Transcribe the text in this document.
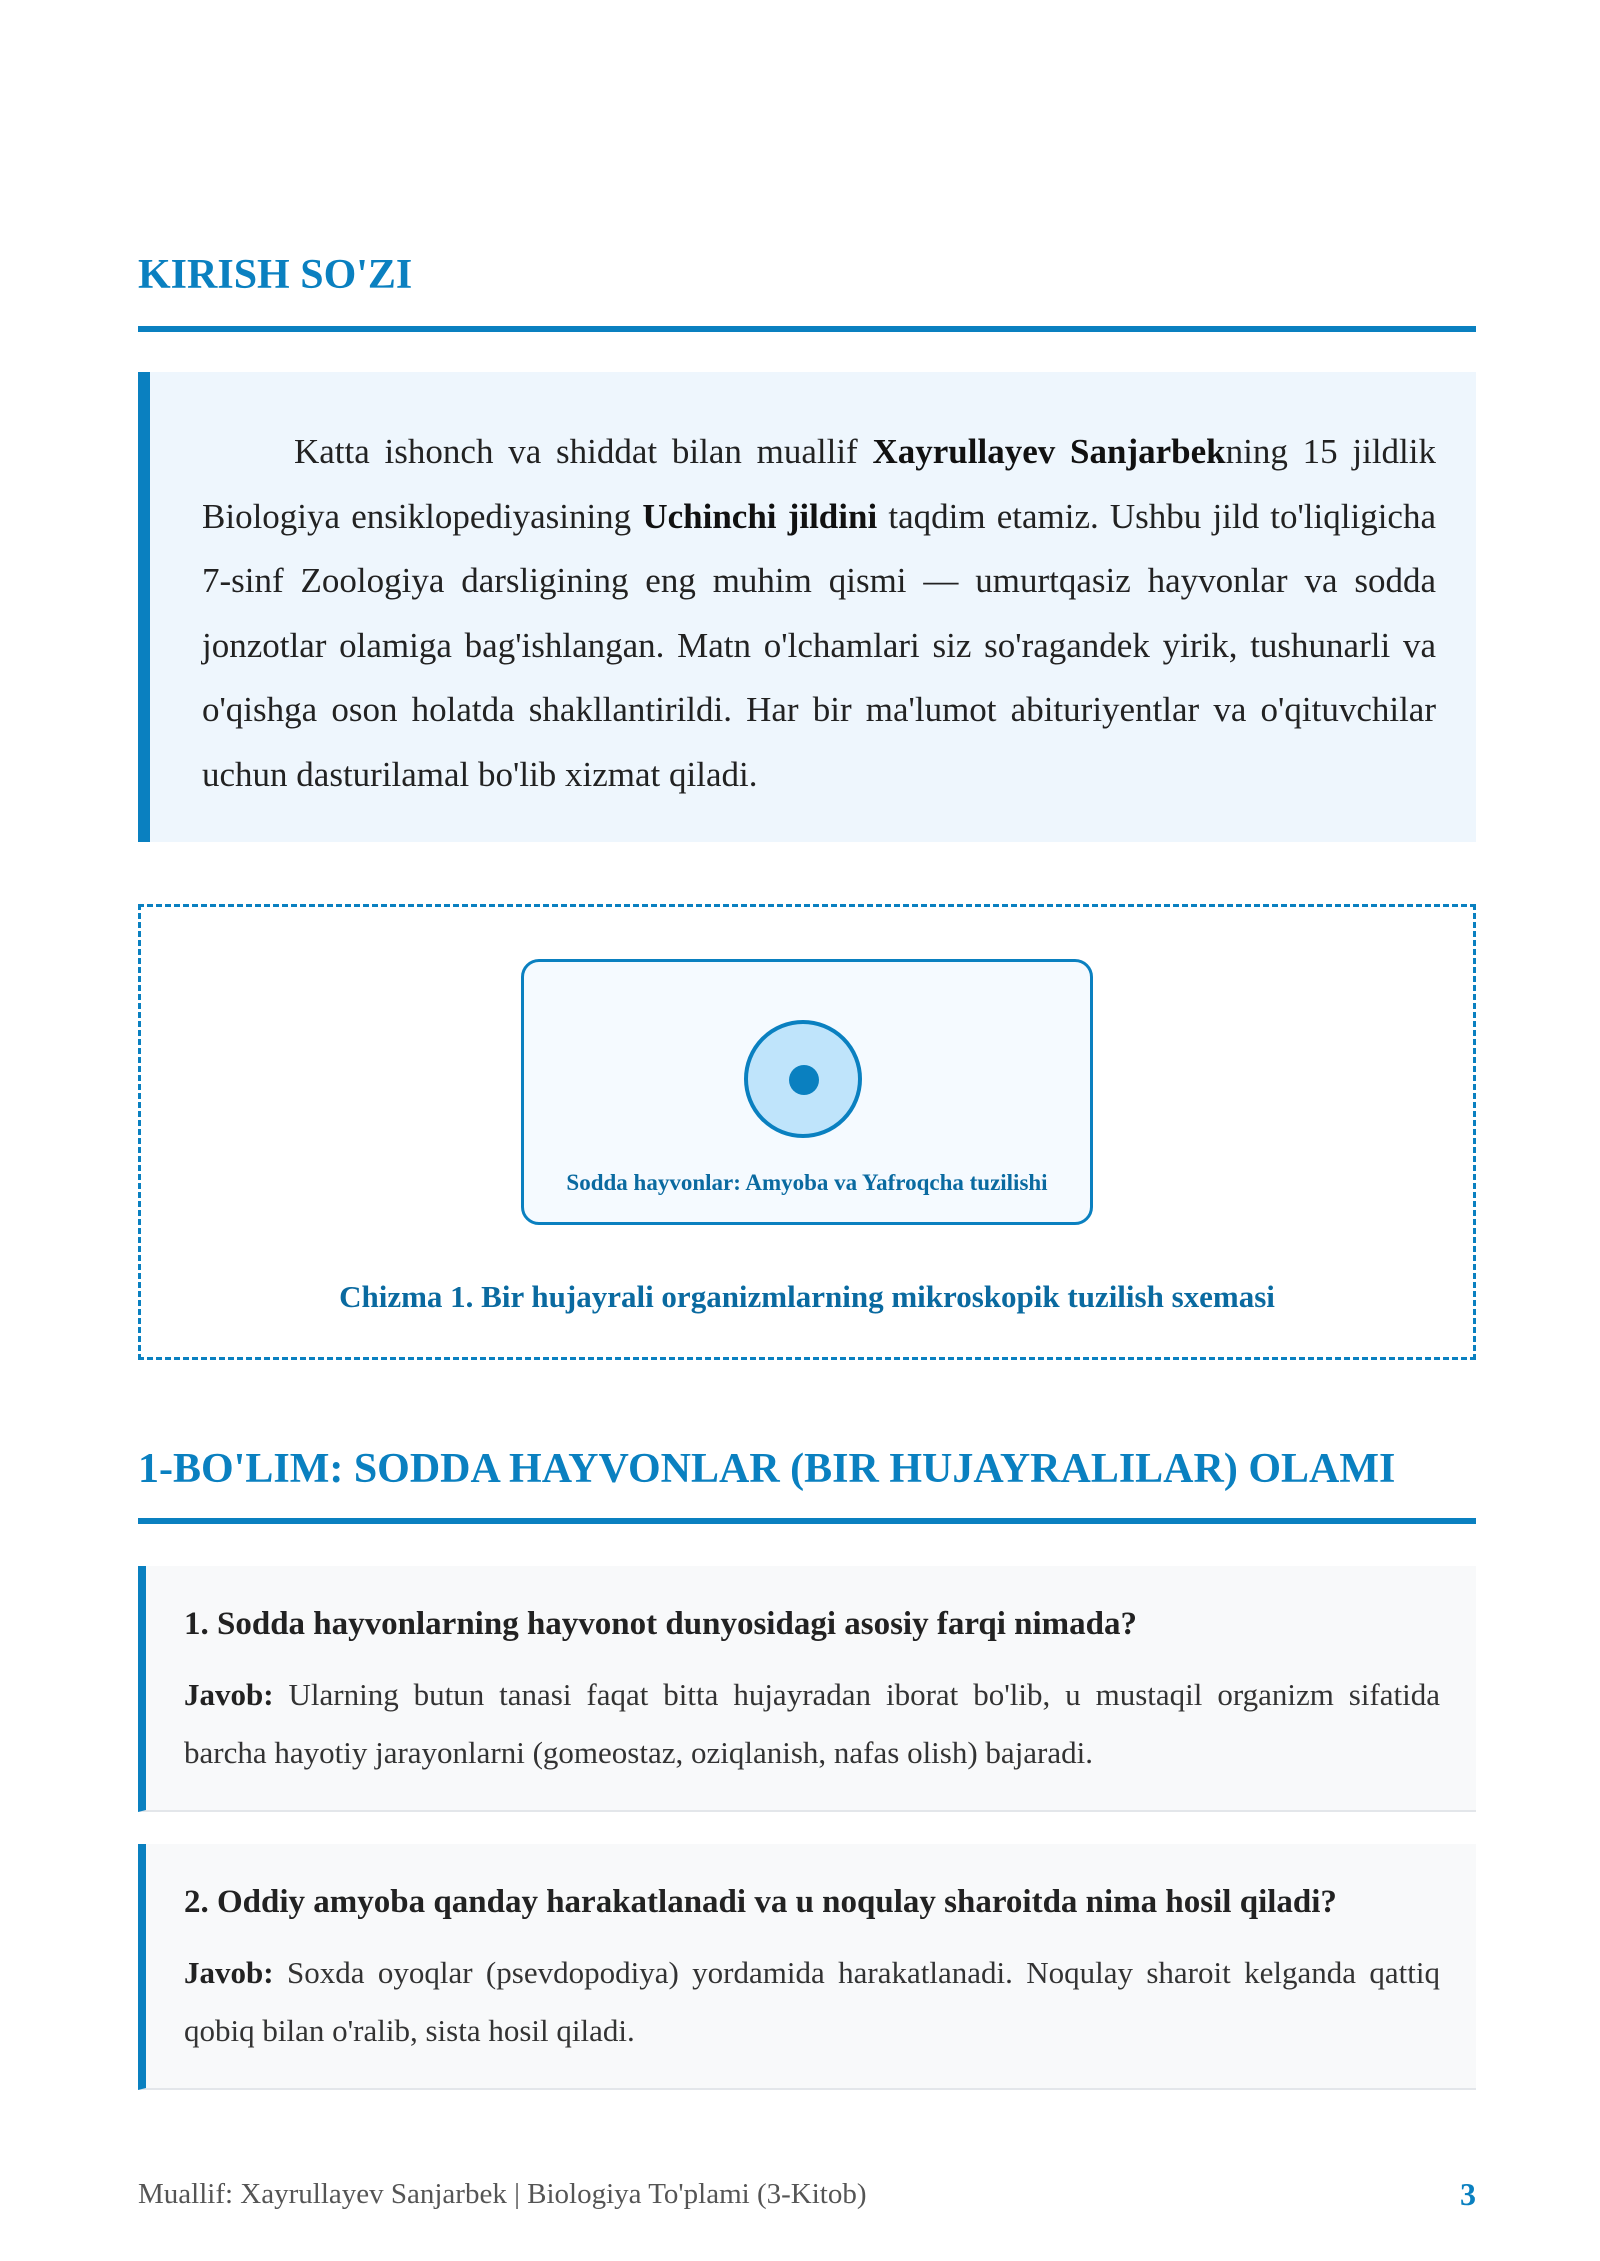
KIRISH SO'ZI

Katta ishonch va shiddat bilan muallif Xayrullayev Sanjarbekning 15 jildlik Biologiya ensiklopediyasining Uchinchi jildini taqdim etamiz. Ushbu jild to'liqligicha 7-sinf Zoologiya darsligining eng muhim qismi — umurtqasiz hayvonlar va sodda jonzotlar olamiga bag'ishlangan. Matn o'lchamlari siz so'ragandek yirik, tushunarli va o'qishga oson holatda shakllantirildi. Har bir ma'lumot abituriyentlar va o'qituvchilar uchun dasturilamal bo'lib xizmat qiladi.

Sodda hayvonlar: Amyoba va Yafroqcha tuzilishi
Chizma 1. Bir hujayrali organizmlarning mikroskopik tuzilish sxemasi
1-BO'LIM: SODDA HAYVONLAR (BIR HUJAYRALILAR) OLAMI

1. Sodda hayvonlarning hayvonot dunyosidagi asosiy farqi nimada?

Javob: Ularning butun tanasi faqat bitta hujayradan iborat bo'lib, u mustaqil organizm sifatida barcha hayotiy jarayonlarni (gomeostaz, oziqlanish, nafas olish) bajaradi.

2. Oddiy amyoba qanday harakatlanadi va u noqulay sharoitda nima hosil qiladi?

Javob: Soxda oyoqlar (psevdopodiya) yordamida harakatlanadi. Noqulay sharoit kelganda qattiq qobiq bilan o'ralib, sista hosil qiladi.

Muallif: Xayrullayev Sanjarbek | Biologiya To'plami (3-Kitob)	3
